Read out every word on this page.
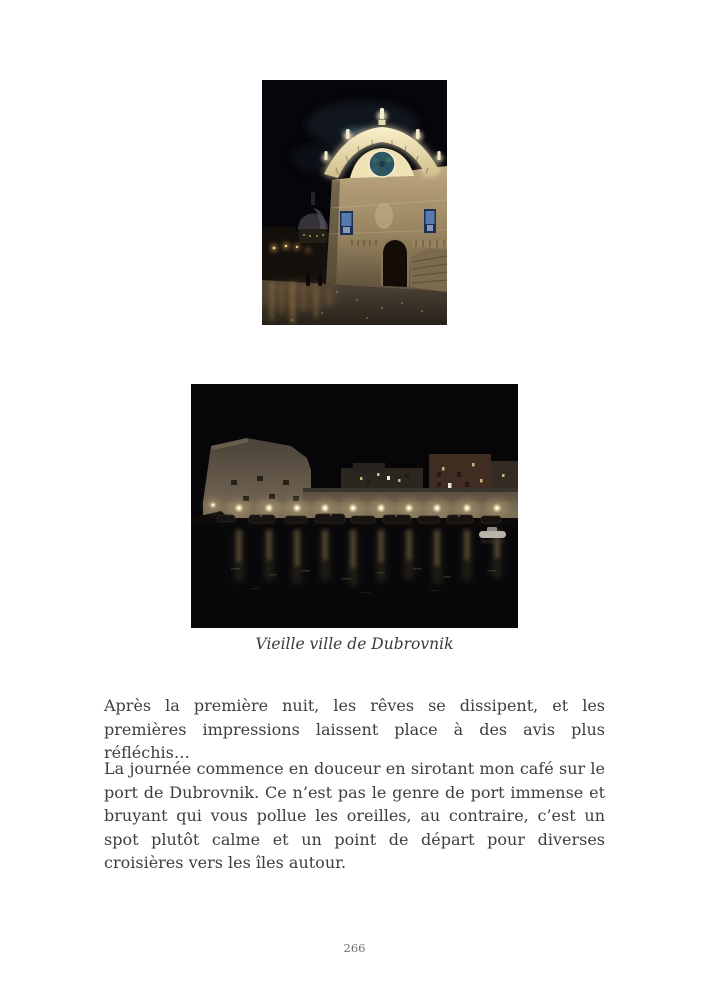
Vieille ville de Dubrovnik

Après la première nuit, les rêves se dissipent, et les premières impressions laissent place à des avis plus réfléchis…

La journée commence en douceur en sirotant mon café sur le port de Dubrovnik. Ce n’est pas le genre de port immense et bruyant qui vous pollue les oreilles, au contraire, c’est un spot plutôt calme et un point de départ pour diverses croisières vers les îles autour.

266
